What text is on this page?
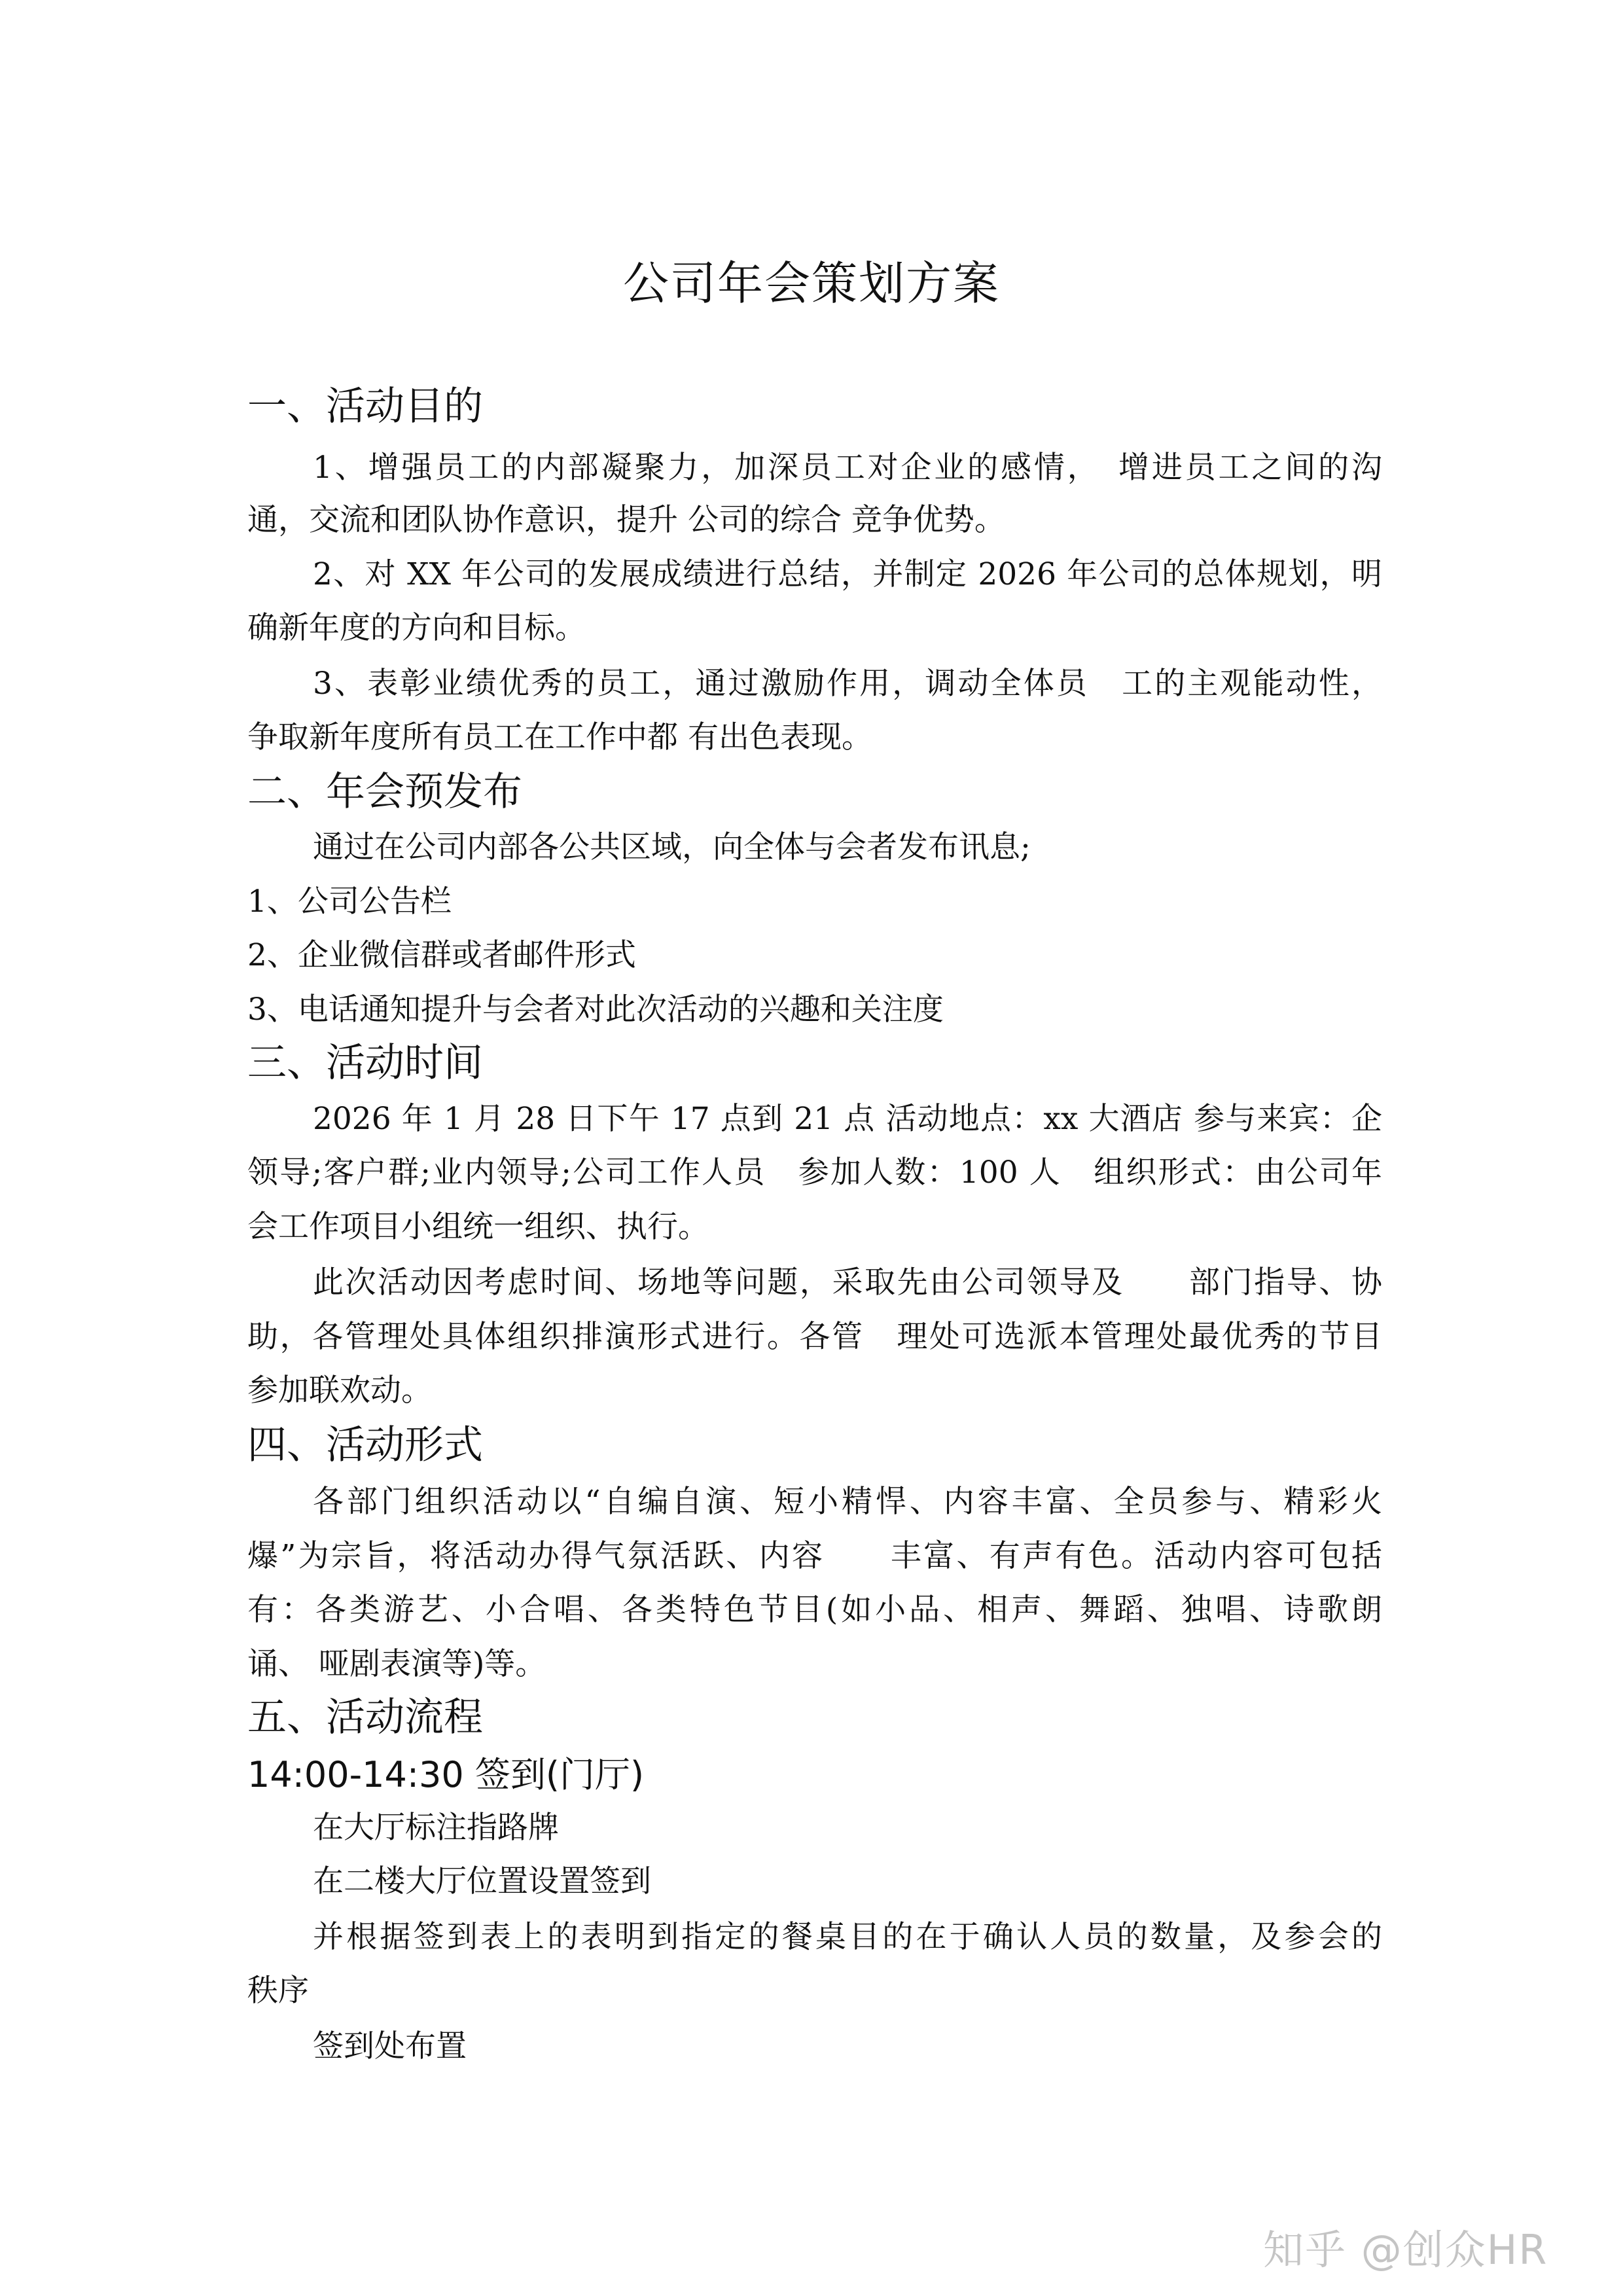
公司年会策划方案
一、活动目的
1、增强员工的内部凝聚力，加深员工对企业的感情，　增进员工之间的沟
通，交流和团队协作意识，提升 公司的综合 竞争优势。
2、对 XX 年公司的发展成绩进行总结，并制定 2026 年公司的总体规划，明
确新年度的方向和目标。
3、表彰业绩优秀的员工，通过激励作用，调动全体员　工的主观能动性，
争取新年度所有员工在工作中都 有出色表现。
二、年会预发布
通过在公司内部各公共区域，向全体与会者发布讯息;
1、公司公告栏
2、企业微信群或者邮件形式
3、电话通知提升与会者对此次活动的兴趣和关注度
三、活动时间
2026 年 1 月 28 日下午 17 点到 21 点 活动地点：xx 大酒店 参与来宾：企
领导;客户群;业内领导;公司工作人员　参加人数：100 人　组织形式：由公司年
会工作项目小组统一组织、执行。
此次活动因考虑时间、场地等问题，采取先由公司领导及　　部门指导、协
助，各管理处具体组织排演形式进行。各管　理处可选派本管理处最优秀的节目
参加联欢动。
四、活动形式
各部门组织活动以“自编自演、短小精悍、内容丰富、全员参与、精彩火
爆”为宗旨，将活动办得气氛活跃、内容　　丰富、有声有色。活动内容可包括
有：各类游艺、小合唱、各类特色节目(如小品、相声、舞蹈、独唱、诗歌朗
诵、 哑剧表演等)等。
五、活动流程
14:00-14:30 签到(门厅)
在大厅标注指路牌
在二楼大厅位置设置签到
并根据签到表上的表明到指定的餐桌目的在于确认人员的数量，及参会的
秩序
签到处布置
知乎 @创众HR
